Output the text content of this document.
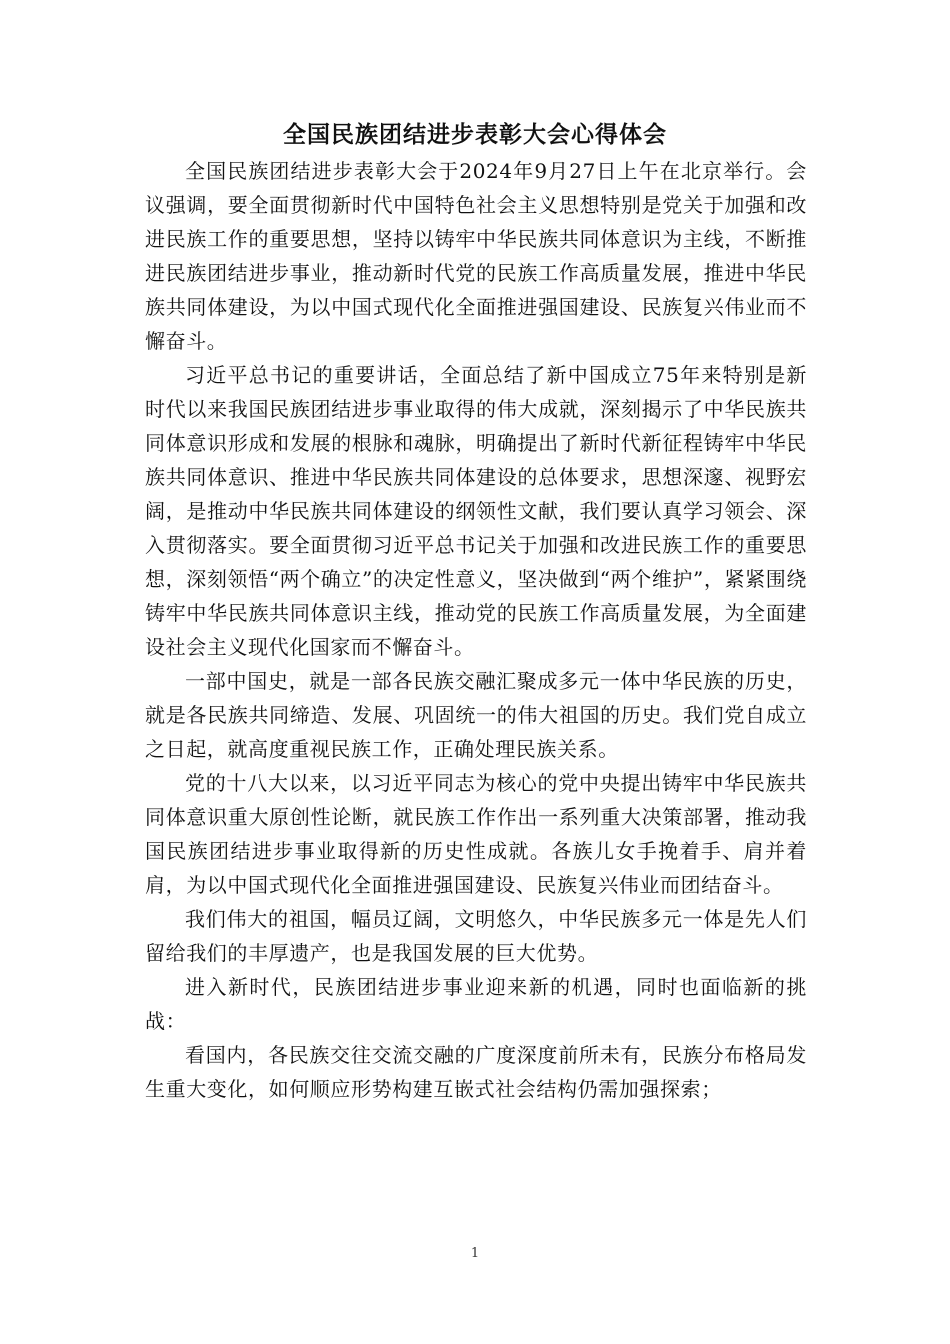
全国民族团结进步表彰大会心得体会

全国民族团结进步表彰大会于2024年9月27日上午在北京举行。会议强调，要全面贯彻新时代中国特色社会主义思想特别是党关于加强和改进民族工作的重要思想，坚持以铸牢中华民族共同体意识为主线，不断推进民族团结进步事业，推动新时代党的民族工作高质量发展，推进中华民族共同体建设，为以中国式现代化全面推进强国建设、民族复兴伟业而不懈奋斗。

习近平总书记的重要讲话，全面总结了新中国成立75年来特别是新时代以来我国民族团结进步事业取得的伟大成就，深刻揭示了中华民族共同体意识形成和发展的根脉和魂脉，明确提出了新时代新征程铸牢中华民族共同体意识、推进中华民族共同体建设的总体要求，思想深邃、视野宏阔，是推动中华民族共同体建设的纲领性文献，我们要认真学习领会、深入贯彻落实。要全面贯彻习近平总书记关于加强和改进民族工作的重要思想，深刻领悟“两个确立”的决定性意义，坚决做到“两个维护”，紧紧围绕铸牢中华民族共同体意识主线，推动党的民族工作高质量发展，为全面建设社会主义现代化国家而不懈奋斗。

一部中国史，就是一部各民族交融汇聚成多元一体中华民族的历史，就是各民族共同缔造、发展、巩固统一的伟大祖国的历史。我们党自成立之日起，就高度重视民族工作，正确处理民族关系。

党的十八大以来，以习近平同志为核心的党中央提出铸牢中华民族共同体意识重大原创性论断，就民族工作作出一系列重大决策部署，推动我国民族团结进步事业取得新的历史性成就。各族儿女手挽着手、肩并着肩，为以中国式现代化全面推进强国建设、民族复兴伟业而团结奋斗。

我们伟大的祖国，幅员辽阔，文明悠久，中华民族多元一体是先人们留给我们的丰厚遗产，也是我国发展的巨大优势。

进入新时代，民族团结进步事业迎来新的机遇，同时也面临新的挑战：

看国内，各民族交往交流交融的广度深度前所未有，民族分布格局发生重大变化，如何顺应形势构建互嵌式社会结构仍需加强探索；

1
